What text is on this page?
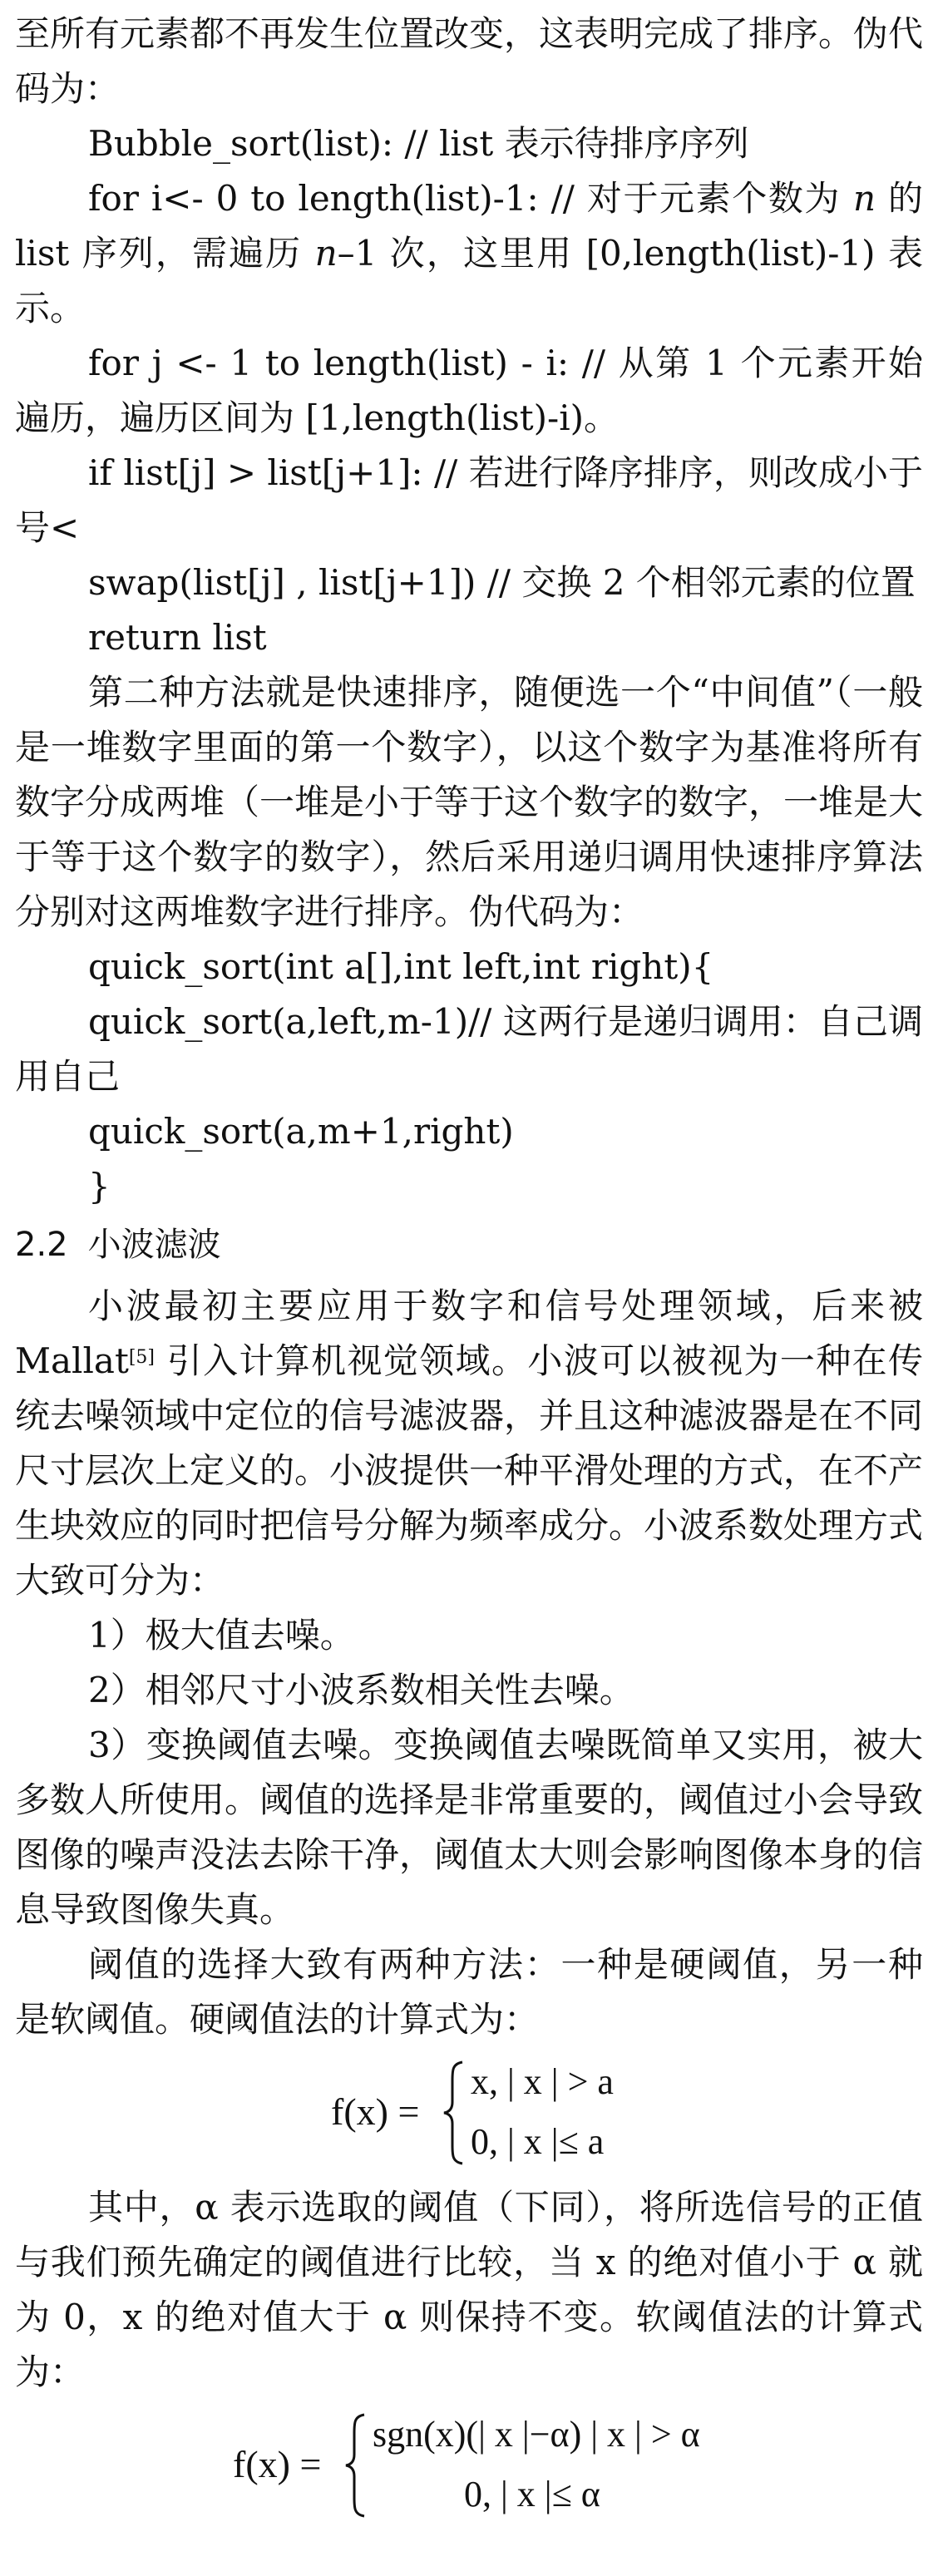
至所有元素都不再发生位置改变，这表明完成了排序。伪代码为：

Bubble_sort(list): // list 表示待排序序列

for i<- 0 to length(list)-1: // 对于元素个数为 n 的 list 序列，需遍历 n–1 次，这里用 [0,length(list)-1) 表示。

for j <- 1 to length(list) - i: // 从第 1 个元素开始遍历，遍历区间为 [1,length(list)-i)。

if list[j] > list[j+1]: // 若进行降序排序，则改成小于号<

swap(list[j] , list[j+1]) // 交换 2 个相邻元素的位置

return list

第二种方法就是快速排序，随便选一个“中间值”（一般是一堆数字里面的第一个数字），以这个数字为基准将所有数字分成两堆（一堆是小于等于这个数字的数字，一堆是大于等于这个数字的数字），然后采用递归调用快速排序算法分别对这两堆数字进行排序。伪代码为：

quick_sort(int a[],int left,int right){

quick_sort(a,left,m-1)// 这两行是递归调用：自己调用自己

quick_sort(a,m+1,right)

}

2.2 小波滤波

小波最初主要应用于数字和信号处理领域，后来被 Mallat[5] 引入计算机视觉领域。小波可以被视为一种在传统去噪领域中定位的信号滤波器，并且这种滤波器是在不同尺寸层次上定义的。小波提供一种平滑处理的方式，在不产生块效应的同时把信号分解为频率成分。小波系数处理方式大致可分为：

1）极大值去噪。

2）相邻尺寸小波系数相关性去噪。

3）变换阈值去噪。变换阈值去噪既简单又实用，被大多数人所使用。阈值的选择是非常重要的，阈值过小会导致图像的噪声没法去除干净，阈值太大则会影响图像本身的信息导致图像失真。

阈值的选择大致有两种方法：一种是硬阈值，另一种是软阈值。硬阈值法的计算式为：

f(x) =
x, | x | > a
0, | x |≤ a

其中，α 表示选取的阈值（下同），将所选信号的正值与我们预先确定的阈值进行比较，当 x 的绝对值小于 α 就为 0，x 的绝对值大于 α 则保持不变。软阈值法的计算式为：

f(x) =
sgn(x)(| x |−α) | x | > α
0, | x |≤ α
